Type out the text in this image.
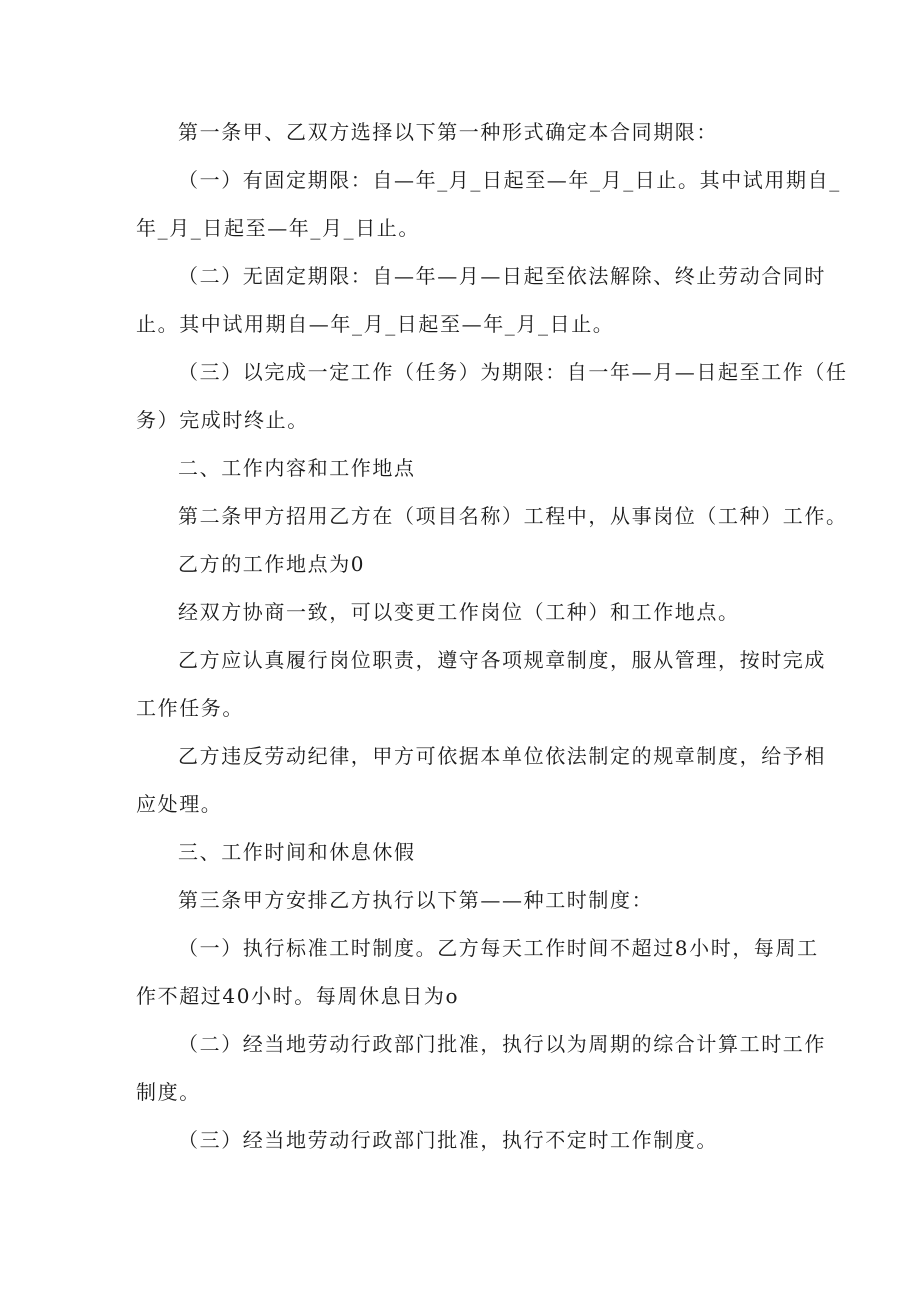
第一条甲、乙双方选择以下第一种形式确定本合同期限：
（一）有固定期限：自—年_月_日起至—年_月_日止。其中试用期自_
年_月_日起至—年_月_日止。
（二）无固定期限：自—年—月—日起至依法解除、终止劳动合同时
止。其中试用期自—年_月_日起至—年_月_日止。
（三）以完成一定工作（任务）为期限：自一年—月—日起至工作（任
务）完成时终止。
二、工作内容和工作地点
第二条甲方招用乙方在（项目名称）工程中，从事岗位（工种）工作。
乙方的工作地点为0
经双方协商一致，可以变更工作岗位（工种）和工作地点。
乙方应认真履行岗位职责，遵守各项规章制度，服从管理，按时完成
工作任务。
乙方违反劳动纪律，甲方可依据本单位依法制定的规章制度，给予相
应处理。
三、工作时间和休息休假
第三条甲方安排乙方执行以下第——种工时制度：
（一）执行标准工时制度。乙方每天工作时间不超过8小时，每周工
作不超过40小时。每周休息日为o
（二）经当地劳动行政部门批准，执行以为周期的综合计算工时工作
制度。
（三）经当地劳动行政部门批准，执行不定时工作制度。
